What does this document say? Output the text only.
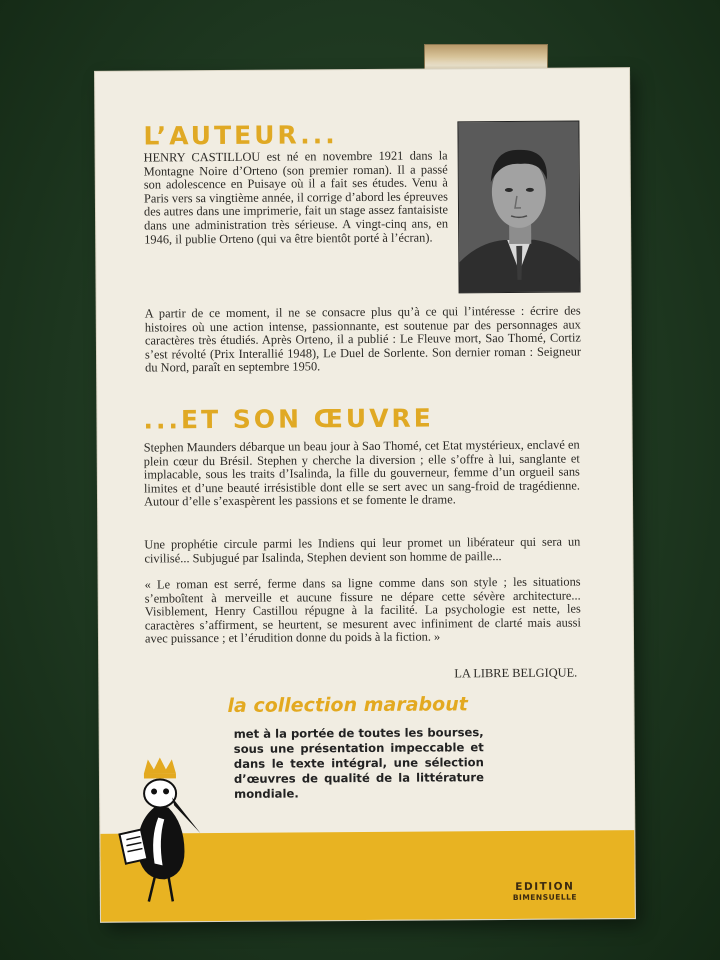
L’AUTEUR...
HENRY CASTILLOU est né en novembre 1921 dans la Montagne Noire d’Orteno (son premier roman). Il a passé son adolescence en Puisaye où il a fait ses études. Venu à Paris vers sa vingtième année, il corrige d’abord les épreuves des autres dans une imprimerie, fait un stage assez fantaisiste dans une administration très sérieuse. A vingt-cinq ans, en 1946, il publie Orteno (qui va être bientôt porté à l’écran).
A partir de ce moment, il ne se consacre plus qu’à ce qui l’intéresse : écrire des histoires où une action intense, passionnante, est soutenue par des personnages aux caractères très étudiés. Après Orteno, il a publié : Le Fleuve mort, Sao Thomé, Cortiz s’est révolté (Prix Interallié 1948), Le Duel de Sorlente. Son dernier roman : Seigneur du Nord, paraît en septembre 1950.
...ET SON ŒUVRE
Stephen Maunders débarque un beau jour à Sao Thomé, cet Etat mystérieux, enclavé en plein cœur du Brésil. Stephen y cherche la diversion ; elle s’offre à lui, sanglante et implacable, sous les traits d’Isalinda, la fille du gouverneur, femme d’un orgueil sans limites et d’une beauté irrésistible dont elle se sert avec un sang-froid de tragédienne. Autour d’elle s’exaspèrent les passions et se fomente le drame.
Une prophétie circule parmi les Indiens qui leur promet un libérateur qui sera un civilisé... Subjugué par Isalinda, Stephen devient son homme de paille...
« Le roman est serré, ferme dans sa ligne comme dans son style ; les situations s’emboîtent à merveille et aucune fissure ne dépare cette sévère architecture... Visiblement, Henry Castillou répugne à la facilité. La psychologie est nette, les caractères s’affirment, se heurtent, se mesurent avec infiniment de clarté mais aussi avec puissance ; et l’érudition donne du poids à la fiction. »
LA LIBRE BELGIQUE.
la collection marabout
met à la portée de toutes les bourses, sous une présentation impeccable et dans le texte intégral, une sélection d’œuvres de qualité de la littérature mondiale.
EDITION
BIMENSUELLE
